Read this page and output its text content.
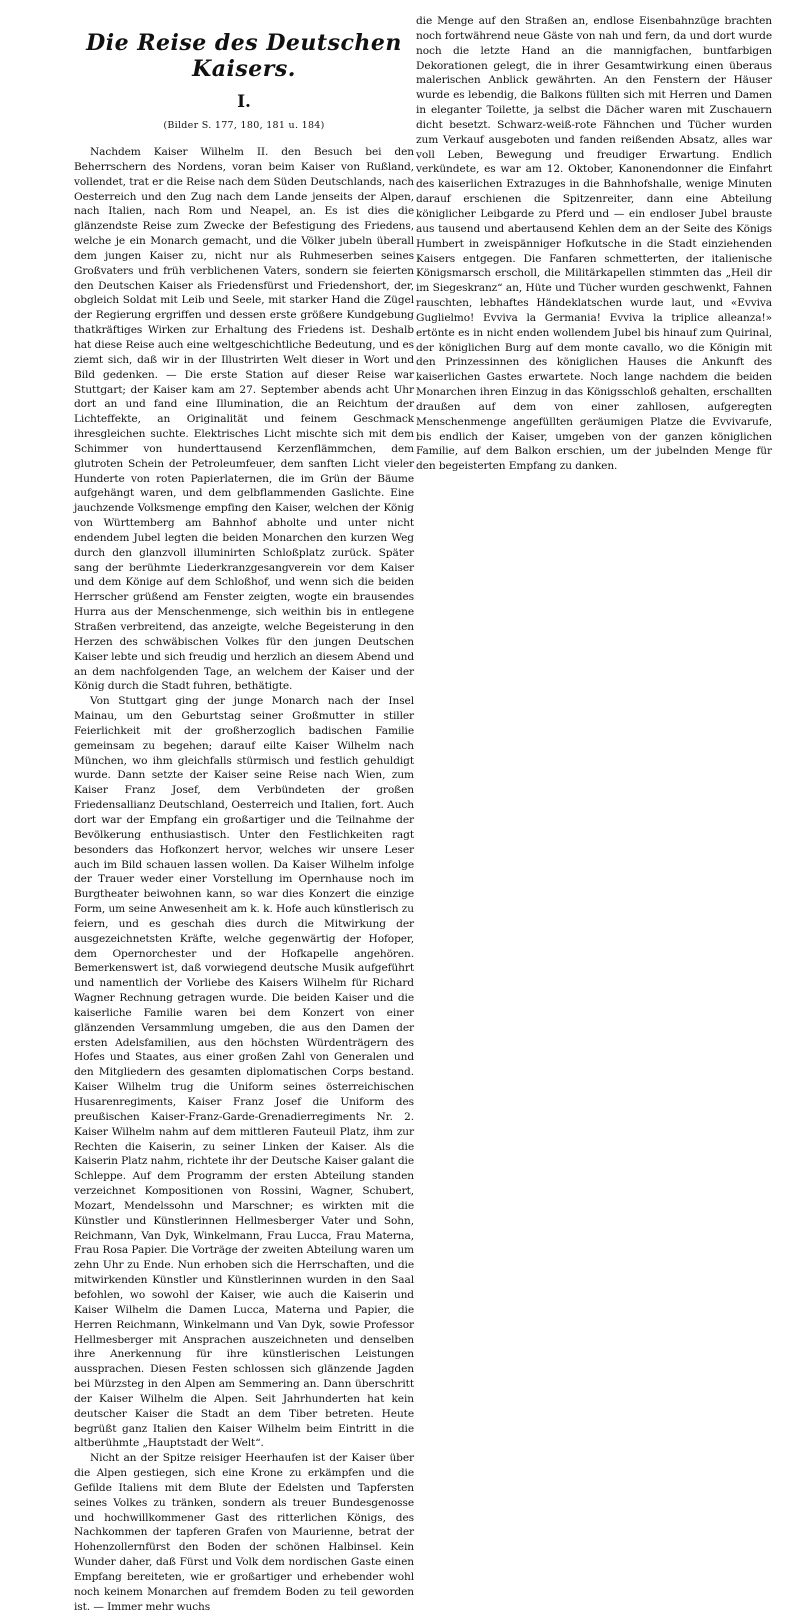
Die Reise des Deutschen Kaisers.
I.
(Bilder S. 177, 180, 181 u. 184)

Nachdem Kaiser Wilhelm II. den Besuch bei den Beherrschern des Nordens, voran beim Kaiser von Rußland, vollendet, trat er die Reise nach dem Süden Deutschlands, nach Oesterreich und den Zug nach dem Lande jenseits der Alpen, nach Italien, nach Rom und Neapel, an. Es ist dies die glänzendste Reise zum Zwecke der Befestigung des Friedens, welche je ein Monarch gemacht, und die Völker jubeln überall dem jungen Kaiser zu, nicht nur als Ruhmeserben seines Großvaters und früh verblichenen Vaters, sondern sie feierten den Deutschen Kaiser als Friedensfürst und Friedenshort, der, obgleich Soldat mit Leib und Seele, mit starker Hand die Zügel der Regierung ergriffen und dessen erste größere Kundgebung thatkräftiges Wirken zur Erhaltung des Friedens ist. Deshalb hat diese Reise auch eine weltgeschichtliche Bedeutung, und es ziemt sich, daß wir in der Illustrirten Welt dieser in Wort und Bild gedenken. — Die erste Station auf dieser Reise war Stuttgart; der Kaiser kam am 27. September abends acht Uhr dort an und fand eine Illumination, die an Reichtum der Lichteffekte, an Originalität und feinem Geschmack ihresgleichen suchte. Elektrisches Licht mischte sich mit dem Schimmer von hunderttausend Kerzenflämmchen, dem glutroten Schein der Petroleumfeuer, dem sanften Licht vieler Hunderte von roten Papierlaternen, die im Grün der Bäume aufgehängt waren, und dem gelbflammenden Gaslichte. Eine jauchzende Volksmenge empfing den Kaiser, welchen der König von Württemberg am Bahnhof abholte und unter nicht endendem Jubel legten die beiden Monarchen den kurzen Weg durch den glanzvoll illuminirten Schloßplatz zurück. Später sang der berühmte Liederkranzgesangverein vor dem Kaiser und dem Könige auf dem Schloßhof, und wenn sich die beiden Herrscher grüßend am Fenster zeigten, wogte ein brausendes Hurra aus der Menschenmenge, sich weithin bis in entlegene Straßen verbreitend, das anzeigte, welche Begeisterung in den Herzen des schwäbischen Volkes für den jungen Deutschen Kaiser lebte und sich freudig und herzlich an diesem Abend und an dem nachfolgenden Tage, an welchem der Kaiser und der König durch die Stadt fuhren, bethätigte.

Von Stuttgart ging der junge Monarch nach der Insel Mainau, um den Geburtstag seiner Großmutter in stiller Feierlichkeit mit der großherzoglich badischen Familie gemeinsam zu begehen; darauf eilte Kaiser Wilhelm nach München, wo ihm gleichfalls stürmisch und festlich gehuldigt wurde. Dann setzte der Kaiser seine Reise nach Wien, zum Kaiser Franz Josef, dem Verbündeten der großen Friedensallianz Deutschland, Oesterreich und Italien, fort. Auch dort war der Empfang ein großartiger und die Teilnahme der Bevölkerung enthusiastisch. Unter den Festlichkeiten ragt besonders das Hofkonzert hervor, welches wir unsere Leser auch im Bild schauen lassen wollen. Da Kaiser Wilhelm infolge der Trauer weder einer Vorstellung im Opernhause noch im Burgtheater beiwohnen kann, so war dies Konzert die einzige Form, um seine Anwesenheit am k. k. Hofe auch künstlerisch zu feiern, und es geschah dies durch die Mitwirkung der ausgezeichnetsten Kräfte, welche gegenwärtig der Hofoper, dem Opernorchester und der Hofkapelle angehören. Bemerkenswert ist, daß vorwiegend deutsche Musik aufgeführt und namentlich der Vorliebe des Kaisers Wilhelm für Richard Wagner Rechnung getragen wurde. Die beiden Kaiser und die kaiserliche Familie waren bei dem Konzert von einer glänzenden Versammlung umgeben, die aus den Damen der ersten Adelsfamilien, aus den höchsten Würdenträgern des Hofes und Staates, aus einer großen Zahl von Generalen und den Mitgliedern des gesamten diplomatischen Corps bestand. Kaiser Wilhelm trug die Uniform seines österreichischen Husarenregiments, Kaiser Franz Josef die Uniform des preußischen Kaiser-Franz-Garde-Grenadierregiments Nr. 2. Kaiser Wilhelm nahm auf dem mittleren Fauteuil Platz, ihm zur Rechten die Kaiserin, zu seiner Linken der Kaiser. Als die Kaiserin Platz nahm, richtete ihr der Deutsche Kaiser galant die Schleppe. Auf dem Programm der ersten Abteilung standen verzeichnet Kompositionen von Rossini, Wagner, Schubert, Mozart, Mendelssohn und Marschner; es wirkten mit die Künstler und Künstlerinnen Hellmesberger Vater und Sohn, Reichmann, Van Dyk, Winkelmann, Frau Lucca, Frau Materna, Frau Rosa Papier. Die Vorträge der zweiten Abteilung waren um zehn Uhr zu Ende. Nun erhoben sich die Herrschaften, und die mitwirkenden Künstler und Künstlerinnen wurden in den Saal befohlen, wo sowohl der Kaiser, wie auch die Kaiserin und Kaiser Wilhelm die Damen Lucca, Materna und Papier, die Herren Reichmann, Winkelmann und Van Dyk, sowie Professor Hellmesberger mit Ansprachen auszeichneten und denselben ihre Anerkennung für ihre künstlerischen Leistungen aussprachen. Diesen Festen schlossen sich glänzende Jagden bei Mürzsteg in den Alpen am Semmering an. Dann überschritt der Kaiser Wilhelm die Alpen. Seit Jahrhunderten hat kein deutscher Kaiser die Stadt an dem Tiber betreten. Heute begrüßt ganz Italien den Kaiser Wilhelm beim Eintritt in die altberühmte „Hauptstadt der Welt“.

Nicht an der Spitze reisiger Heerhaufen ist der Kaiser über die Alpen gestiegen, sich eine Krone zu erkämpfen und die Gefilde Italiens mit dem Blute der Edelsten und Tapfersten seines Volkes zu tränken, sondern als treuer Bundesgenosse und hochwillkommener Gast des ritterlichen Königs, des Nachkommen der tapferen Grafen von Maurienne, betrat der Hohenzollernfürst den Boden der schönen Halbinsel. Kein Wunder daher, daß Fürst und Volk dem nordischen Gaste einen Empfang bereiteten, wie er großartiger und erhebender wohl noch keinem Monarchen auf fremdem Boden zu teil geworden ist. — Immer mehr wuchs

die Menge auf den Straßen an, endlose Eisenbahnzüge brachten noch fortwährend neue Gäste von nah und fern, da und dort wurde noch die letzte Hand an die mannigfachen, buntfarbigen Dekorationen gelegt, die in ihrer Gesamtwirkung einen überaus malerischen Anblick gewährten. An den Fenstern der Häuser wurde es lebendig, die Balkons füllten sich mit Herren und Damen in eleganter Toilette, ja selbst die Dächer waren mit Zuschauern dicht besetzt. Schwarz-weiß-rote Fähnchen und Tücher wurden zum Verkauf ausgeboten und fanden reißenden Absatz, alles war voll Leben, Bewegung und freudiger Erwartung. Endlich verkündete, es war am 12. Oktober, Kanonendonner die Einfahrt des kaiserlichen Extrazuges in die Bahnhofshalle, wenige Minuten darauf erschienen die Spitzenreiter, dann eine Abteilung königlicher Leibgarde zu Pferd und — ein endloser Jubel brauste aus tausend und abertausend Kehlen dem an der Seite des Königs Humbert in zweispänniger Hofkutsche in die Stadt einziehenden Kaisers entgegen. Die Fanfaren schmetterten, der italienische Königsmarsch erscholl, die Militärkapellen stimmten das „Heil dir im Siegeskranz“ an, Hüte und Tücher wurden geschwenkt, Fahnen rauschten, lebhaftes Händeklatschen wurde laut, und «Evviva Guglielmo! Evviva la Germania! Evviva la triplice alleanza!» ertönte es in nicht enden wollendem Jubel bis hinauf zum Quirinal, der königlichen Burg auf dem monte cavallo, wo die Königin mit den Prinzessinnen des königlichen Hauses die Ankunft des kaiserlichen Gastes erwartete. Noch lange nachdem die beiden Monarchen ihren Einzug in das Königsschloß gehalten, erschallten draußen auf dem von einer zahllosen, aufgeregten Menschenmenge angefüllten geräumigen Platze die Evvivarufe, bis endlich der Kaiser, umgeben von der ganzen königlichen Familie, auf dem Balkon erschien, um der jubelnden Menge für den begeisterten Empfang zu danken.
